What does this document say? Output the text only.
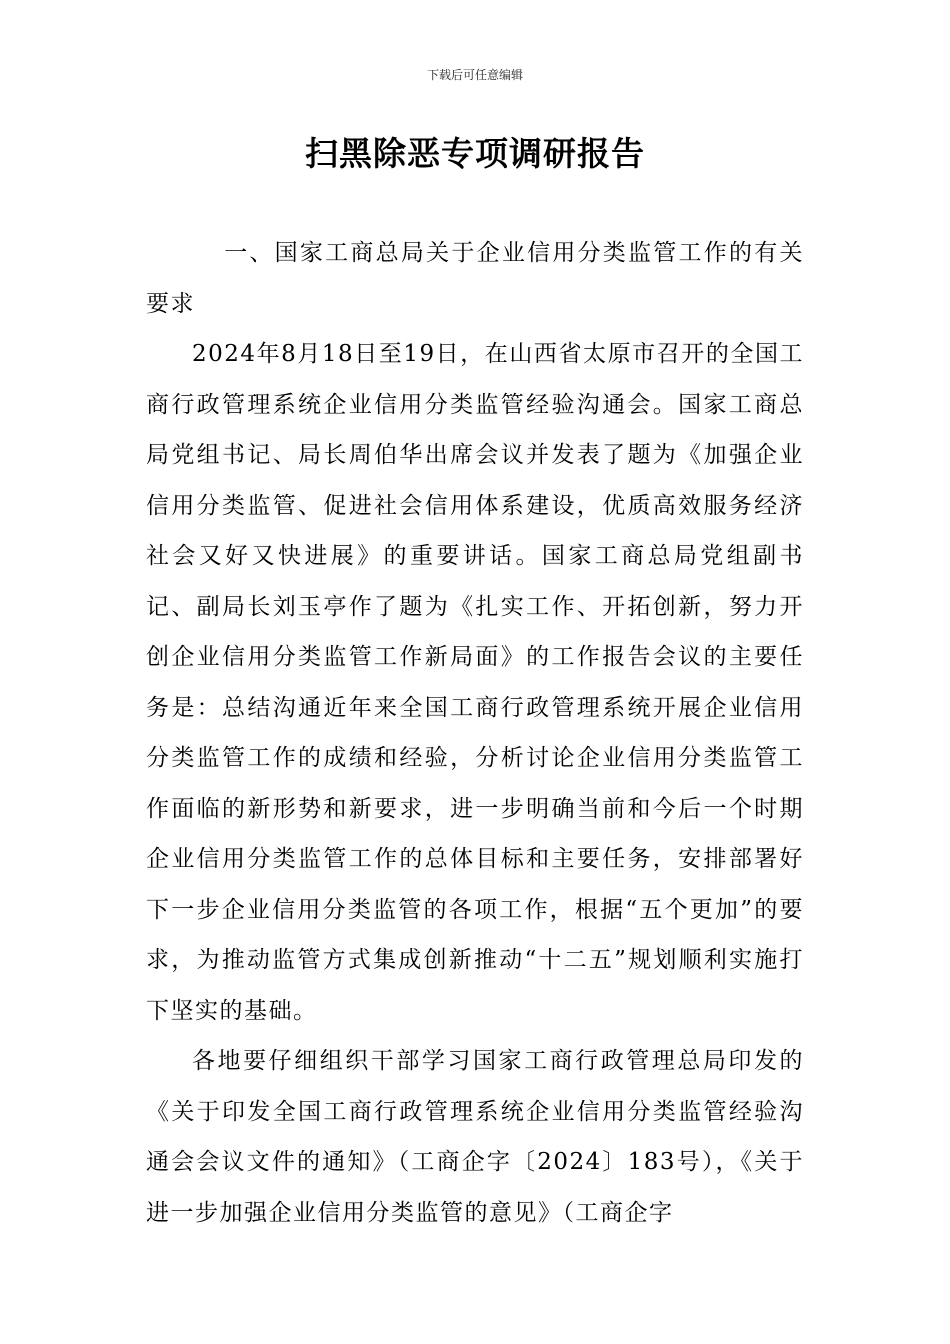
下载后可任意编辑
扫黑除恶专项调研报告

一、国家工商总局关于企业信用分类监管工作的有关要求

2024年8月18日至19日，在山西省太原市召开的全国工商行政管理系统企业信用分类监管经验沟通会。国家工商总局党组书记、局长周伯华出席会议并发表了题为《加强企业信用分类监管、促进社会信用体系建设，优质高效服务经济社会又好又快进展》的重要讲话。国家工商总局党组副书记、副局长刘玉亭作了题为《扎实工作、开拓创新，努力开创企业信用分类监管工作新局面》的工作报告会议的主要任务是：总结沟通近年来全国工商行政管理系统开展企业信用分类监管工作的成绩和经验，分析讨论企业信用分类监管工作面临的新形势和新要求，进一步明确当前和今后一个时期企业信用分类监管工作的总体目标和主要任务，安排部署好下一步企业信用分类监管的各项工作，根据“五个更加”的要求，为推动监管方式集成创新推动“十二五”规划顺利实施打下坚实的基础。

各地要仔细组织干部学习国家工商行政管理总局印发的《关于印发全国工商行政管理系统企业信用分类监管经验沟通会会议文件的通知》（工商企字〔2024〕183号），《关于进一步加强企业信用分类监管的意见》（工商企字
